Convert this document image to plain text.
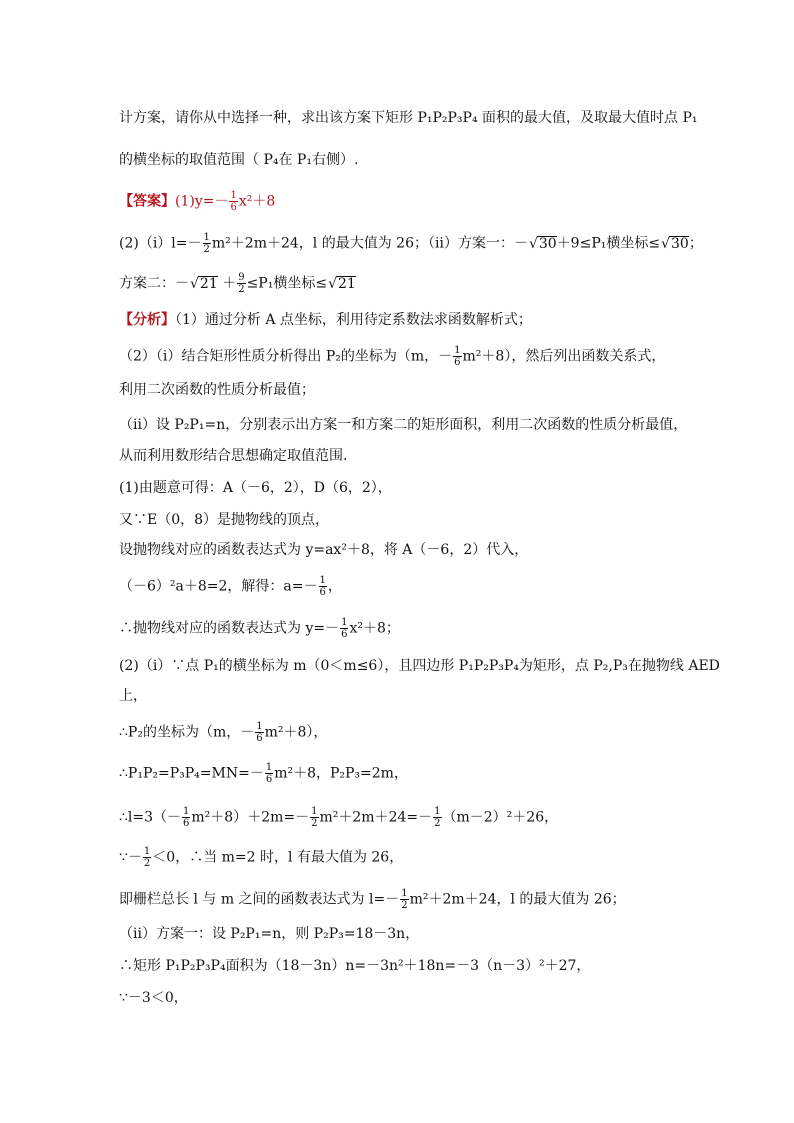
计方案，请你从中选择一种，求出该方案下矩形 P₁P₂P₃P₄ 面积的最大值，及取最大值时点 P₁
的横坐标的取值范围（ P₄在 P₁右侧）.
【答案】$(1)y=- \frac{1}{6} x^2+8$
(2)（ⅰ）l=－ $\frac{1}{2} m^2+2m+24$，l 的最大值为 26；（ⅱ）方案一：－ √ 30＋9≤P₁横坐标≤ √ 30；
方案二：－ √ $21 + \frac{9}{2} \le P_1$横坐标≤ √ 21
【分析】（1）通过分析 A 点坐标，利用待定系数法求函数解析式；
（2）（ⅰ）结合矩形性质分析得出 P₂的坐标为（m，－ $\frac{1}{6} m^2+8$），然后列出函数关系式，
利用二次函数的性质分析最值；
（ⅱ）设 P₂P₁=n，分别表示出方案一和方案二的矩形面积，利用二次函数的性质分析最值，
从而利用数形结合思想确定取值范围.
(1)由题意可得：A（－6，2），D（6，2），
又∵E（0，8）是抛物线的顶点，
设抛物线对应的函数表达式为 y=ax²＋8，将 A（－6，2）代入，
（－6）²a＋8=2，解得：$a=- \frac{1}{6}$ ，
∴抛物线对应的函数表达式为 $y=- \frac{1}{6} x^2+8$；
(2)（ⅰ）∵点 P₁的横坐标为 m（0＜m≤6），且四边形 P₁P₂P₃P₄为矩形，点 P₂,P₃在抛物线 AED
上，
∴P₂的坐标为（m，－ $\frac{1}{6} m^2+8$），
∴P₁P₂=P₃P₄=MN=－ $\frac{1}{6} m^2+8$，P₂P₃=2m，
∴l=3（－ $\frac{1}{6} m^2+8)+2m=- \frac{1}{2} m^2+2m+24=- \frac{1}{2} (m-2)^2+26$，
∵－ $\frac{1}{2} <0$，∴当 m=2 时，l 有最大值为 26，
即栅栏总长 l 与 m 之间的函数表达式为 $l=- \frac{1}{2} m^2+2m+24$，l 的最大值为 26；
（ⅱ）方案一：设 P₂P₁=n，则 P₂P₃=18－3n，
∴矩形 P₁P₂P₃P₄面积为（18－3n）n=－3n²＋18n=－3（n－3）²＋27，
∵－3＜0，
